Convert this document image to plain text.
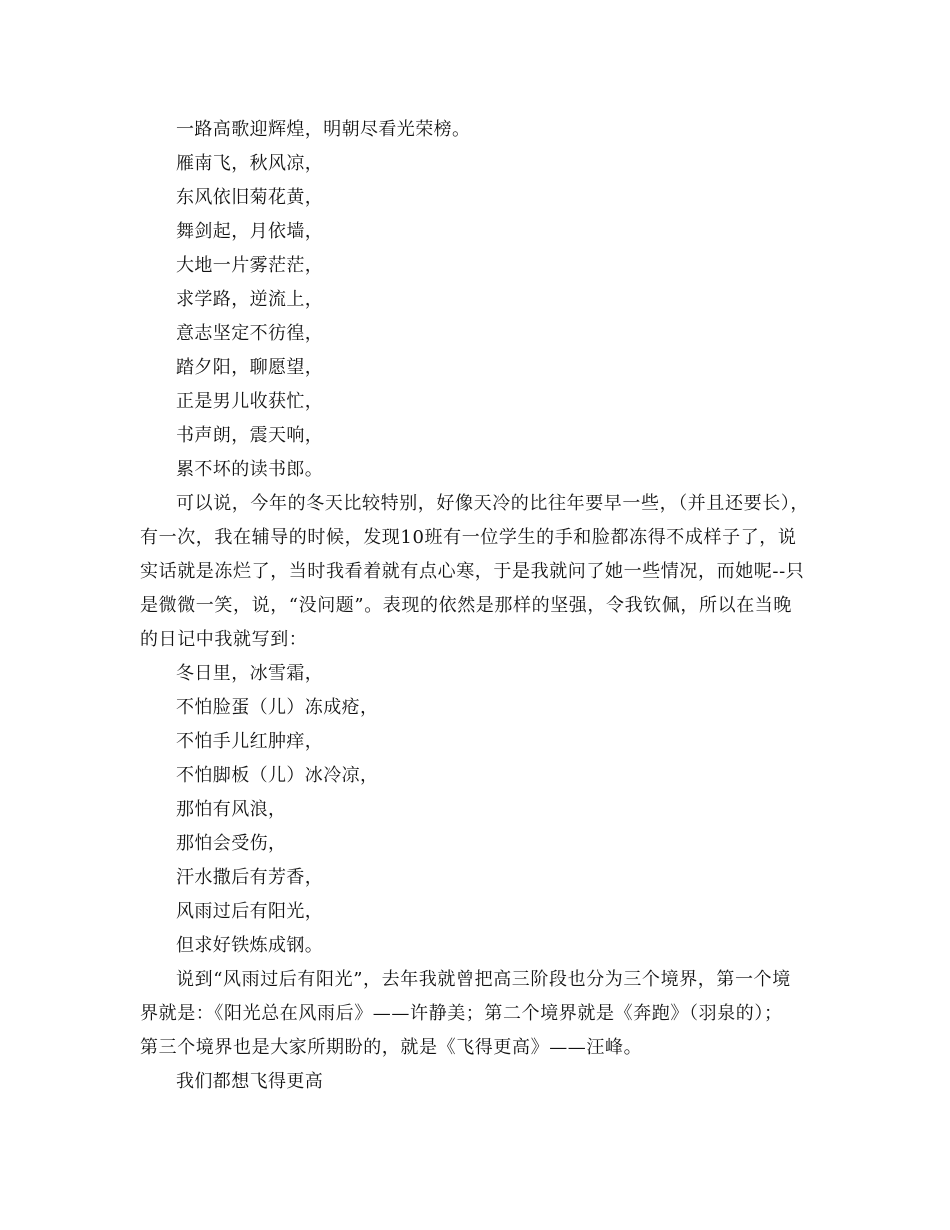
一路高歌迎辉煌，明朝尽看光荣榜。
雁南飞，秋风凉，
东风依旧菊花黄，
舞剑起，月依墙，
大地一片雾茫茫，
求学路，逆流上，
意志坚定不彷徨，
踏夕阳，聊愿望，
正是男儿收获忙，
书声朗，震天响，
累不坏的读书郎。
可以说，今年的冬天比较特别，好像天冷的比往年要早一些，（并且还要长），
有一次，我在辅导的时候，发现10班有一位学生的手和脸都冻得不成样子了，说
实话就是冻烂了，当时我看着就有点心寒，于是我就问了她一些情况，而她呢--只
是微微一笑，说，“没问题”。表现的依然是那样的坚强，令我钦佩，所以在当晚
的日记中我就写到：
冬日里，冰雪霜，
不怕脸蛋（儿）冻成疮，
不怕手儿红肿痒，
不怕脚板（儿）冰冷凉，
那怕有风浪，
那怕会受伤，
汗水撒后有芳香，
风雨过后有阳光，
但求好铁炼成钢。
说到“风雨过后有阳光”，去年我就曾把高三阶段也分为三个境界，第一个境
界就是：《阳光总在风雨后》——许静美；第二个境界就是《奔跑》（羽泉的）；
第三个境界也是大家所期盼的，就是《飞得更高》——汪峰。
我们都想飞得更高
